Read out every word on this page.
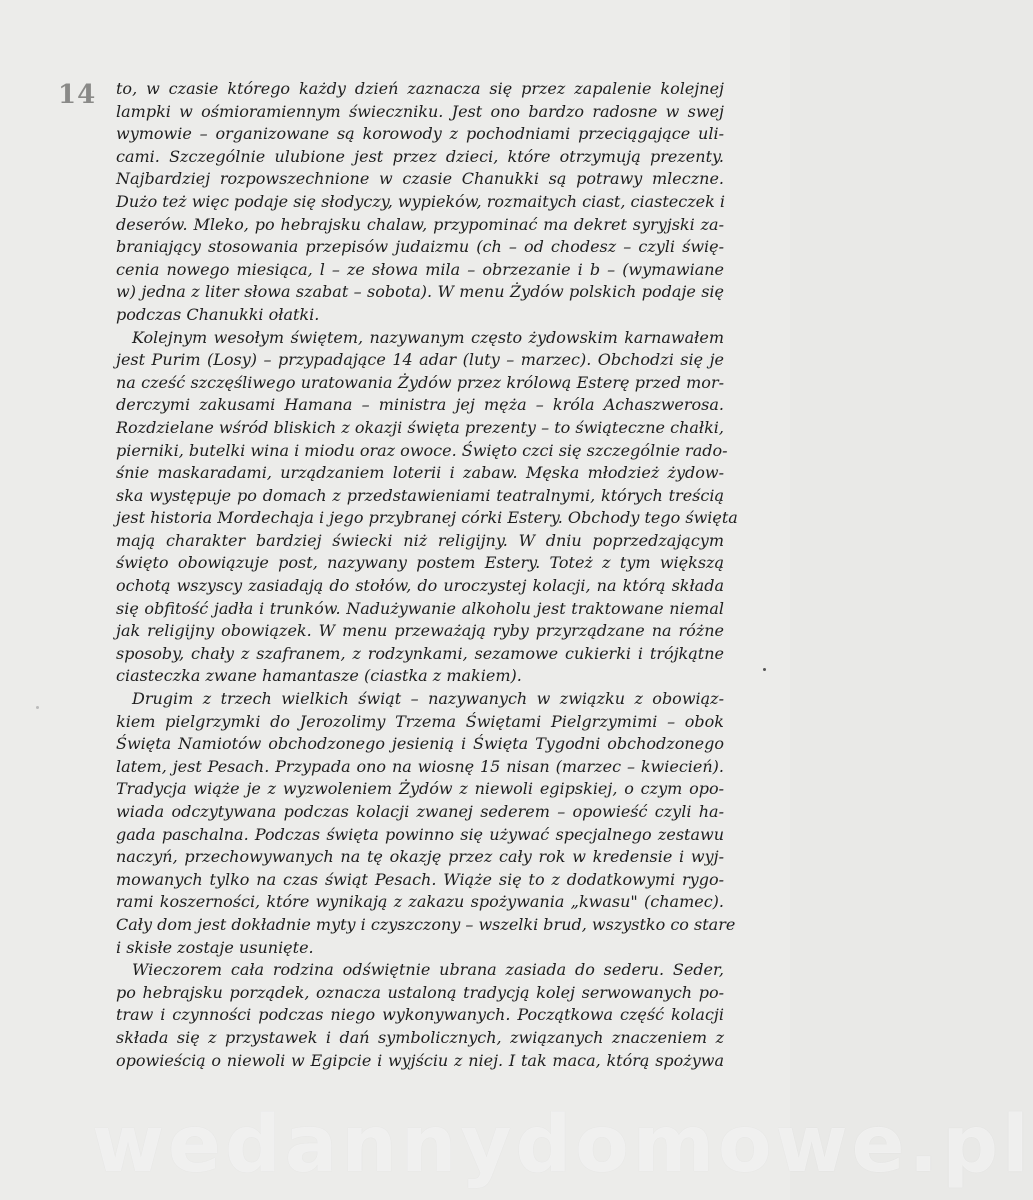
14 to, w czasie którego każdy dzień zaznacza się przez zapalenie kolejnej
lampki w ośmioramiennym świeczniku. Jest ono bardzo radosne w swej
wymowie – organizowane są korowody z pochodniami przeciągające uli-
cami. Szczególnie ulubione jest przez dzieci, które otrzymują prezenty.
Najbardziej rozpowszechnione w czasie Chanukki są potrawy mleczne.
Dużo też więc podaje się słodyczy, wypieków, rozmaitych ciast, ciasteczek i
deserów. Mleko, po hebrajsku chalaw, przypominać ma dekret syryjski za-
braniający stosowania przepisów judaizmu (ch – od chodesz – czyli świę-
cenia nowego miesiąca, l – ze słowa mila – obrzezanie i b – (wymawiane
w) jedna z liter słowa szabat – sobota). W menu Żydów polskich podaje się
podczas Chanukki ołatki.
Kolejnym wesołym świętem, nazywanym często żydowskim karnawałem
jest Purim (Losy) – przypadające 14 adar (luty – marzec). Obchodzi się je
na cześć szczęśliwego uratowania Żydów przez królową Esterę przed mor-
derczymi zakusami Hamana – ministra jej męża – króla Achaszwerosa.
Rozdzielane wśród bliskich z okazji święta prezenty – to świąteczne chałki,
pierniki, butelki wina i miodu oraz owoce. Święto czci się szczególnie rado-
śnie maskaradami, urządzaniem loterii i zabaw. Męska młodzież żydow-
ska występuje po domach z przedstawieniami teatralnymi, których treścią
jest historia Mordechaja i jego przybranej córki Estery. Obchody tego święta
mają charakter bardziej świecki niż religijny. W dniu poprzedzającym
święto obowiązuje post, nazywany postem Estery. Toteż z tym większą
ochotą wszyscy zasiadają do stołów, do uroczystej kolacji, na którą składa
się obfitość jadła i trunków. Nadużywanie alkoholu jest traktowane niemal
jak religijny obowiązek. W menu przeważają ryby przyrządzane na różne
sposoby, chały z szafranem, z rodzynkami, sezamowe cukierki i trójkątne
ciasteczka zwane hamantasze (ciastka z makiem).
Drugim z trzech wielkich świąt – nazywanych w związku z obowiąz-
kiem pielgrzymki do Jerozolimy Trzema Świętami Pielgrzymimi – obok
Święta Namiotów obchodzonego jesienią i Święta Tygodni obchodzonego
latem, jest Pesach. Przypada ono na wiosnę 15 nisan (marzec – kwiecień).
Tradycja wiąże je z wyzwoleniem Żydów z niewoli egipskiej, o czym opo-
wiada odczytywana podczas kolacji zwanej sederem – opowieść czyli ha-
gada paschalna. Podczas święta powinno się używać specjalnego zestawu
naczyń, przechowywanych na tę okazję przez cały rok w kredensie i wyj-
mowanych tylko na czas świąt Pesach. Wiąże się to z dodatkowymi rygo-
rami koszerności, które wynikają z zakazu spożywania „kwasu" (chamec).
Cały dom jest dokładnie myty i czyszczony – wszelki brud, wszystko co stare
i skisłe zostaje usunięte.
Wieczorem cała rodzina odświętnie ubrana zasiada do sederu. Seder,
po hebrajsku porządek, oznacza ustaloną tradycją kolej serwowanych po-
traw i czynności podczas niego wykonywanych. Początkowa część kolacji
składa się z przystawek i dań symbolicznych, związanych znaczeniem z
opowieścią o niewoli w Egipcie i wyjściu z niej. I tak maca, którą spożywa
wedannydomowe.pl
